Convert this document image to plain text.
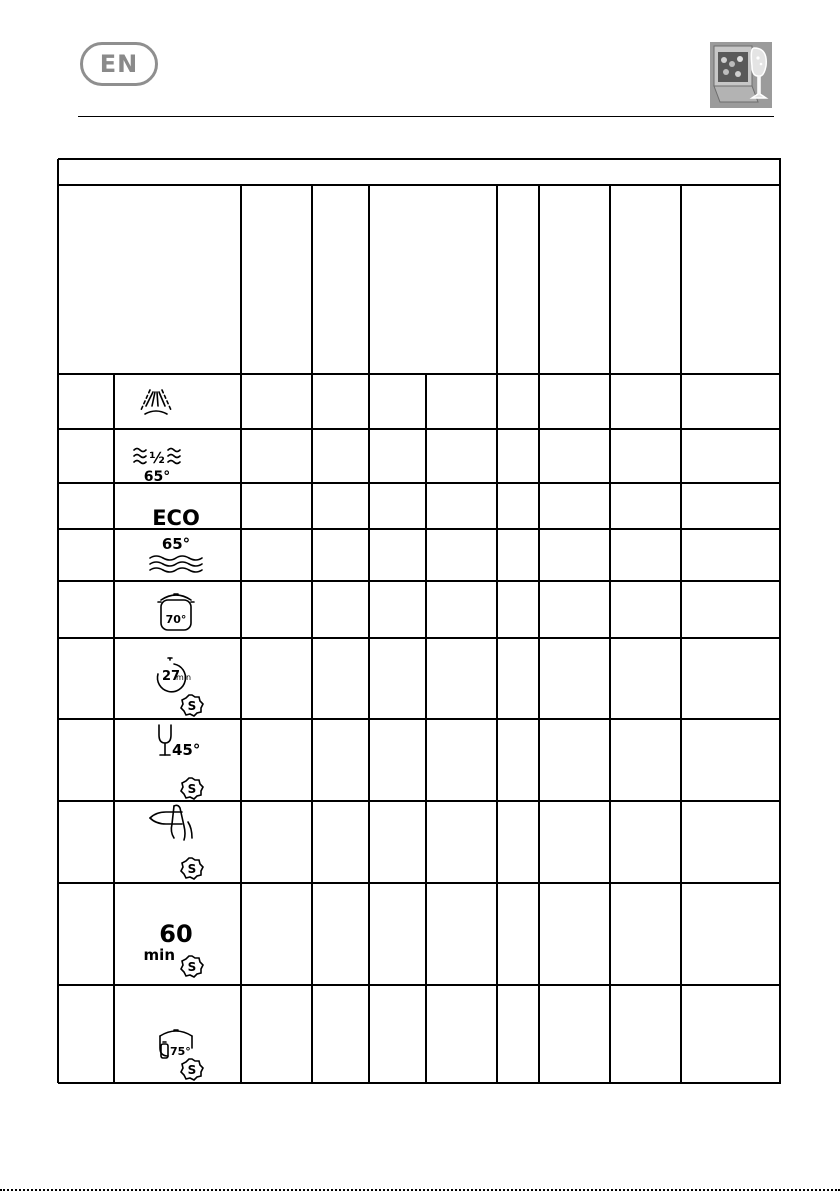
EN
½
65°
ECO
65°
70°
27
min
S
45°
S
S
60
min
S
75°
S
